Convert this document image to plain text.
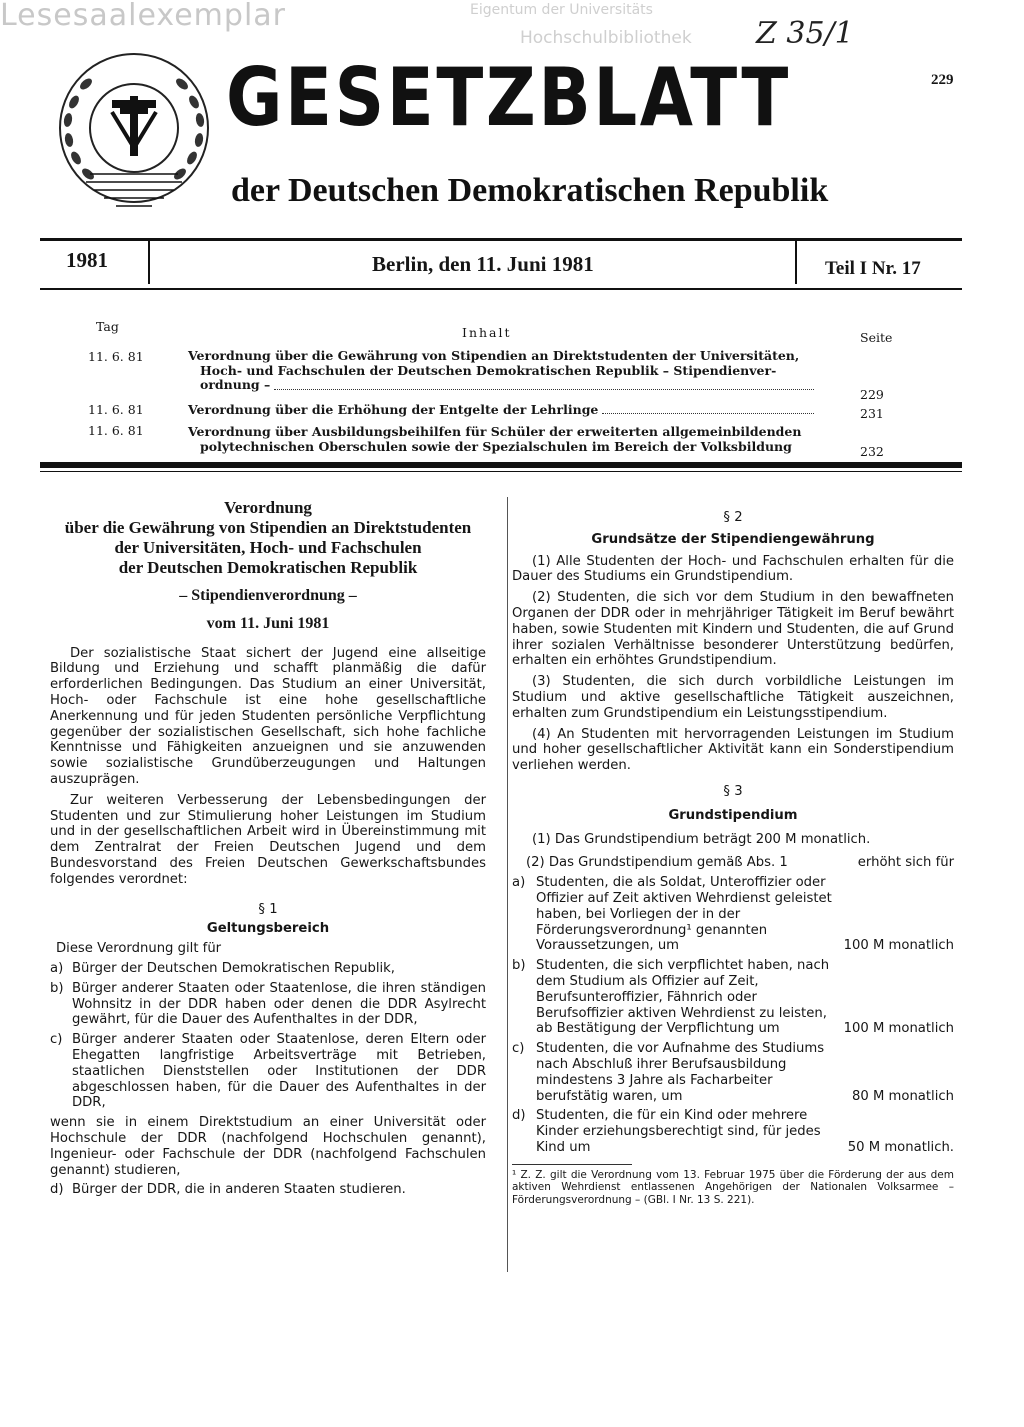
Lesesaalexemplar	Eigentum der Universitäts
Hochschulbibliothek Z 35/1
GESETZBLATT
der Deutschen Demokratischen Republik
229
1981	Berlin, den 11. Juni 1981	Teil I Nr. 17
Tag	Inhalt	Seite
11. 6. 81	Verordnung über die Gewährung von Stipendien an Direktstudenten der Universitäten,
Hoch- und Fachschulen der Deutschen Demokratischen Republik – Stipendienver-
ordnung –
229
11. 6. 81	Verordnung über die Erhöhung der Entgelte der Lehrlinge	231
11. 6. 81	Verordnung über Ausbildungsbeihilfen für Schüler der erweiterten allgemeinbildenden
polytechnischen Oberschulen sowie der Spezialschulen im Bereich der Volksbildung	232
Verordnung
über die Gewährung von Stipendien an Direktstudenten
der Universitäten, Hoch- und Fachschulen
der Deutschen Demokratischen Republik
– Stipendienverordnung –
vom 11. Juni 1981

Der sozialistische Staat sichert der Jugend eine allseitige Bildung und Erziehung und schafft planmäßig die dafür erforderlichen Bedingungen. Das Studium an einer Universität, Hoch- oder Fachschule ist eine hohe gesellschaftliche Anerkennung und für jeden Studenten persönliche Verpflichtung gegenüber der sozialistischen Gesellschaft, sich hohe fachliche Kenntnisse und Fähigkeiten anzueignen und sie anzuwenden sowie sozialistische Grundüberzeugungen und Haltungen auszuprägen.

Zur weiteren Verbesserung der Lebensbedingungen der Studenten und zur Stimulierung hoher Leistungen im Studium und in der gesellschaftlichen Arbeit wird in Übereinstimmung mit dem Zentralrat der Freien Deutschen Jugend und dem Bundesvorstand des Freien Deutschen Gewerkschaftsbundes folgendes verordnet:

§ 1
Geltungsbereich
Diese Verordnung gilt für
a) Bürger der Deutschen Demokratischen Republik,
b) Bürger anderer Staaten oder Staatenlose, die ihren ständigen Wohnsitz in der DDR haben oder denen die DDR Asylrecht gewährt, für die Dauer des Aufenthaltes in der DDR,
c) Bürger anderer Staaten oder Staatenlose, deren Eltern oder Ehegatten langfristige Arbeitsverträge mit Betrieben, staatlichen Dienststellen oder Institutionen der DDR abgeschlossen haben, für die Dauer des Aufenthaltes in der DDR,
wenn sie in einem Direktstudium an einer Universität oder Hochschule der DDR (nachfolgend Hochschulen genannt), Ingenieur- oder Fachschule der DDR (nachfolgend Fachschulen genannt) studieren,
d) Bürger der DDR, die in anderen Staaten studieren.
§ 2
Grundsätze der Stipendiengewährung

(1) Alle Studenten der Hoch- und Fachschulen erhalten für die Dauer des Studiums ein Grundstipendium.

(2) Studenten, die sich vor dem Studium in den bewaffneten Organen der DDR oder in mehrjähriger Tätigkeit im Beruf bewährt haben, sowie Studenten mit Kindern und Studenten, die auf Grund ihrer sozialen Verhältnisse besonderer Unterstützung bedürfen, erhalten ein erhöhtes Grundstipendium.

(3) Studenten, die sich durch vorbildliche Leistungen im Studium und aktive gesellschaftliche Tätigkeit auszeichnen, erhalten zum Grundstipendium ein Leistungsstipendium.

(4) An Studenten mit hervorragenden Leistungen im Studium und hoher gesellschaftlicher Aktivität kann ein Sonderstipendium verliehen werden.

§ 3
Grundstipendium

(1) Das Grundstipendium beträgt 200 M monatlich.

(2) Das Grundstipendium gemäß Abs. 1	erhöht sich für
a) Studenten, die als Soldat, Unteroffizier oder Offizier auf Zeit aktiven Wehrdienst geleistet haben, bei Vorliegen der in der Förderungsverordnung¹ genannten Voraussetzungen, um	100 M monatlich
b) Studenten, die sich verpflichtet haben, nach dem Studium als Offizier auf Zeit, Berufsunteroffizier, Fähnrich oder Berufsoffizier aktiven Wehrdienst zu leisten, ab Bestätigung der Verpflichtung um	100 M monatlich
c) Studenten, die vor Aufnahme des Studiums nach Abschluß ihrer Berufsausbildung mindestens 3 Jahre als Facharbeiter berufstätig waren, um	80 M monatlich
d) Studenten, die für ein Kind oder mehrere Kinder erziehungsberechtigt sind, für jedes Kind um	50 M monatlich.
¹ Z. Z. gilt die Verordnung vom 13. Februar 1975 über die Förderung der aus dem aktiven Wehrdienst entlassenen Angehörigen der Nationalen Volksarmee – Förderungsverordnung – (GBl. I Nr. 13 S. 221).
